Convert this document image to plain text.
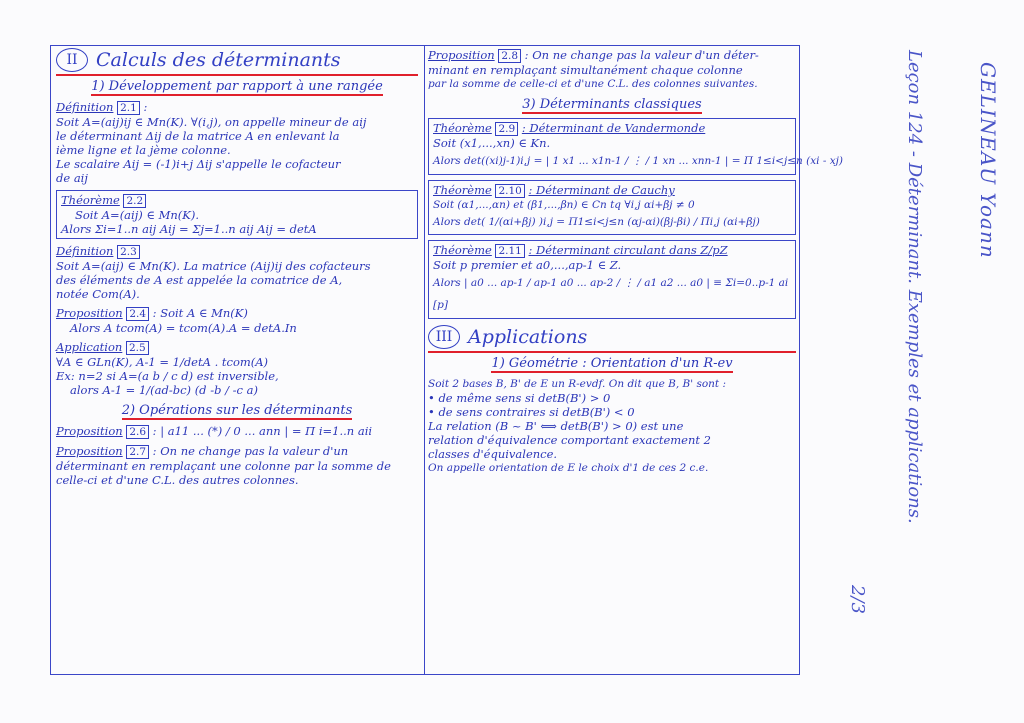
II Calculs des déterminants
1) Développement par rapport à une rangée
Définition 2.1 :
Soit A=(aij)ij ∈ Mn(K). ∀(i,j), on appelle mineur de aij
le déterminant Δij de la matrice A en enlevant la
ième ligne et la jème colonne.
Le scalaire Aij = (-1)i+j Δij s'appelle le cofacteur
de aij
Théorème 2.2
Soit A=(aij) ∈ Mn(K).
Alors Σi=1..n aij Aij = Σj=1..n aij Aij = detA
Définition 2.3
Soit A=(aij) ∈ Mn(K). La matrice (Aij)ij des cofacteurs
des éléments de A est appelée la comatrice de A,
notée Com(A).
Proposition 2.4 : Soit A ∈ Mn(K)
Alors A tcom(A) = tcom(A).A = detA.In
Application 2.5
∀A ∈ GLn(K), A-1 = 1/detA . tcom(A)
Ex: n=2 si A=(a b / c d) est inversible,
alors A-1 = 1/(ad-bc) (d -b / -c a)
2) Opérations sur les déterminants
Proposition 2.6 : | a11 ... (*) / 0 ... ann | = Π i=1..n aii
Proposition 2.7 : On ne change pas la valeur d'un
déterminant en remplaçant une colonne par la somme de
celle-ci et d'une C.L. des autres colonnes.
Proposition 2.8 : On ne change pas la valeur d'un déter-
minant en remplaçant simultanément chaque colonne
par la somme de celle-ci et d'une C.L. des colonnes suivantes.
3) Déterminants classiques
Théorème 2.9 : Déterminant de Vandermonde
Soit (x1,...,xn) ∈ Kn.
Alors det((xi)j-1)i,j = | 1 x1 ... x1n-1 / ⋮ / 1 xn ... xnn-1 | = Π 1≤i<j≤n (xi - xj)
Théorème 2.10 : Déterminant de Cauchy
Soit (α1,...,αn) et (β1,...,βn) ∈ Cn tq ∀i,j αi+βj ≠ 0
Alors det( 1/(αi+βj) )i,j = Π1≤i<j≤n (αj-αi)(βj-βi) / Πi,j (αi+βj)
Théorème 2.11 : Déterminant circulant dans Z/pZ
Soit p premier et a0,...,ap-1 ∈ Z.
Alors | a0 ... ap-1 / ap-1 a0 ... ap-2 / ⋮ / a1 a2 ... a0 | ≡ Σi=0..p-1 ai [p]
III Applications
1) Géométrie : Orientation d'un R-ev
Soit 2 bases B, B' de E un R-evdf. On dit que B, B' sont :
• de même sens si detB(B') > 0
• de sens contraires si detB(B') < 0
La relation (B ~ B' ⟺ detB(B') > 0) est une
relation d'équivalence comportant exactement 2
classes d'équivalence.
On appelle orientation de E le choix d'1 de ces 2 c.e.
GELINEAU Yoann
Leçon 124 - Déterminant. Exemples et applications.
2/3
